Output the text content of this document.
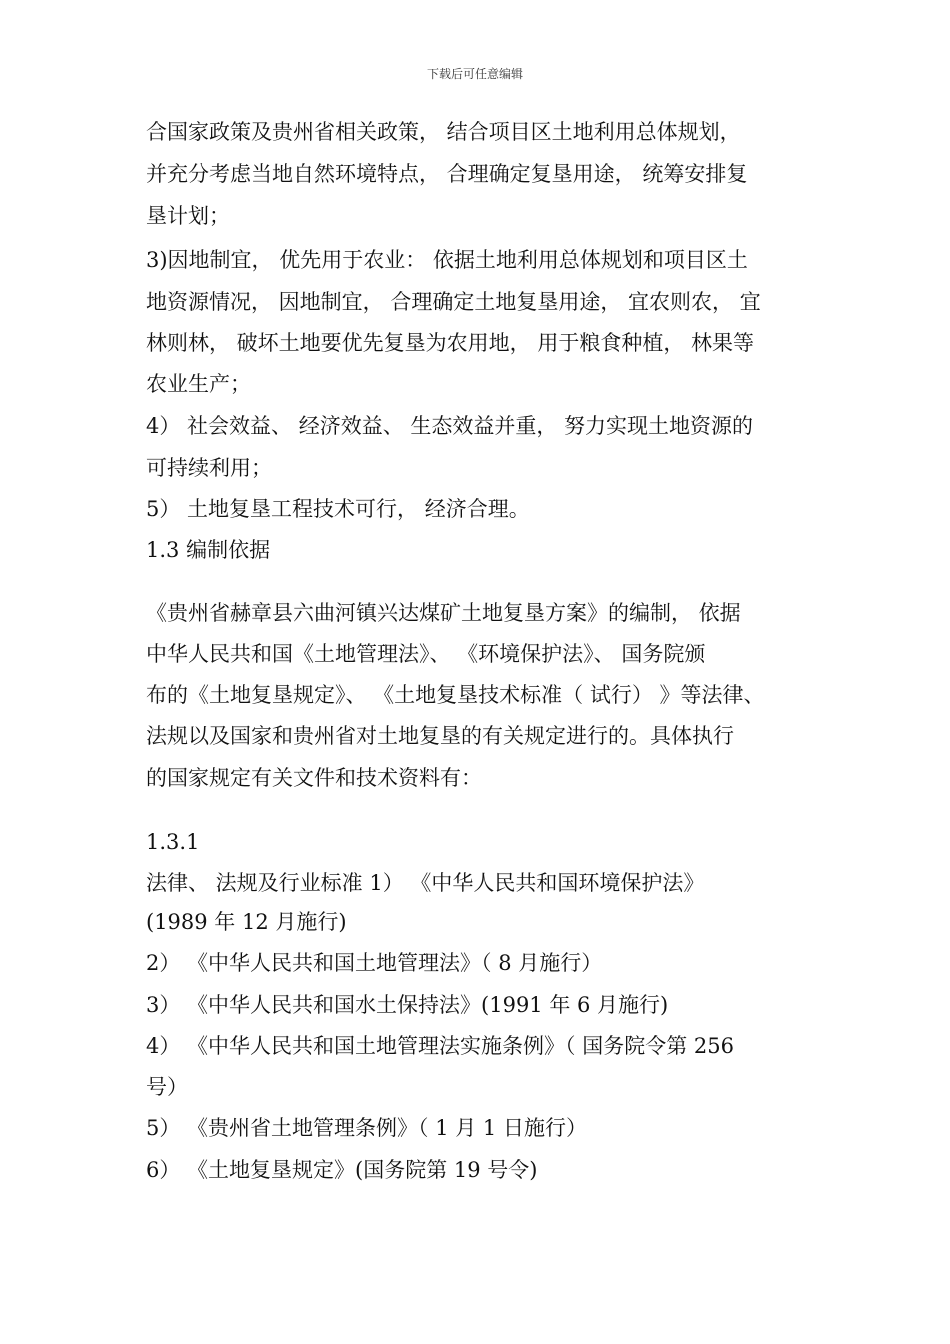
下载后可任意编辑
合国家政策及贵州省相关政策， 结合项目区土地利用总体规划，
并充分考虑当地自然环境特点， 合理确定复垦用途， 统筹安排复
垦计划；
3)因地制宜， 优先用于农业： 依据土地利用总体规划和项目区土
地资源情况， 因地制宜， 合理确定土地复垦用途， 宜农则农， 宜
林则林， 破坏土地要优先复垦为农用地， 用于粮食种植， 林果等
农业生产；
4） 社会效益、 经济效益、 生态效益并重， 努力实现土地资源的
可持续利用；
5） 土地复垦工程技术可行， 经济合理。
1.3 编制依据
《贵州省赫章县六曲河镇兴达煤矿土地复垦方案》的编制， 依据
中华人民共和国《土地管理法》、 《环境保护法》、 国务院颁
布的《土地复垦规定》、 《土地复垦技术标准（ 试行） 》等法律、
法规以及国家和贵州省对土地复垦的有关规定进行的。具体执行
的国家规定有关文件和技术资料有：
1.3.1
法律、 法规及行业标准 1） 《中华人民共和国环境保护法》
(1989 年 12 月施行)
2） 《中华人民共和国土地管理法》（ 8 月施行）
3） 《中华人民共和国水土保持法》(1991 年 6 月施行)
4） 《中华人民共和国土地管理法实施条例》（ 国务院令第 256
号）
5） 《贵州省土地管理条例》（ 1 月 1 日施行）
6） 《土地复垦规定》(国务院第 19 号令)
